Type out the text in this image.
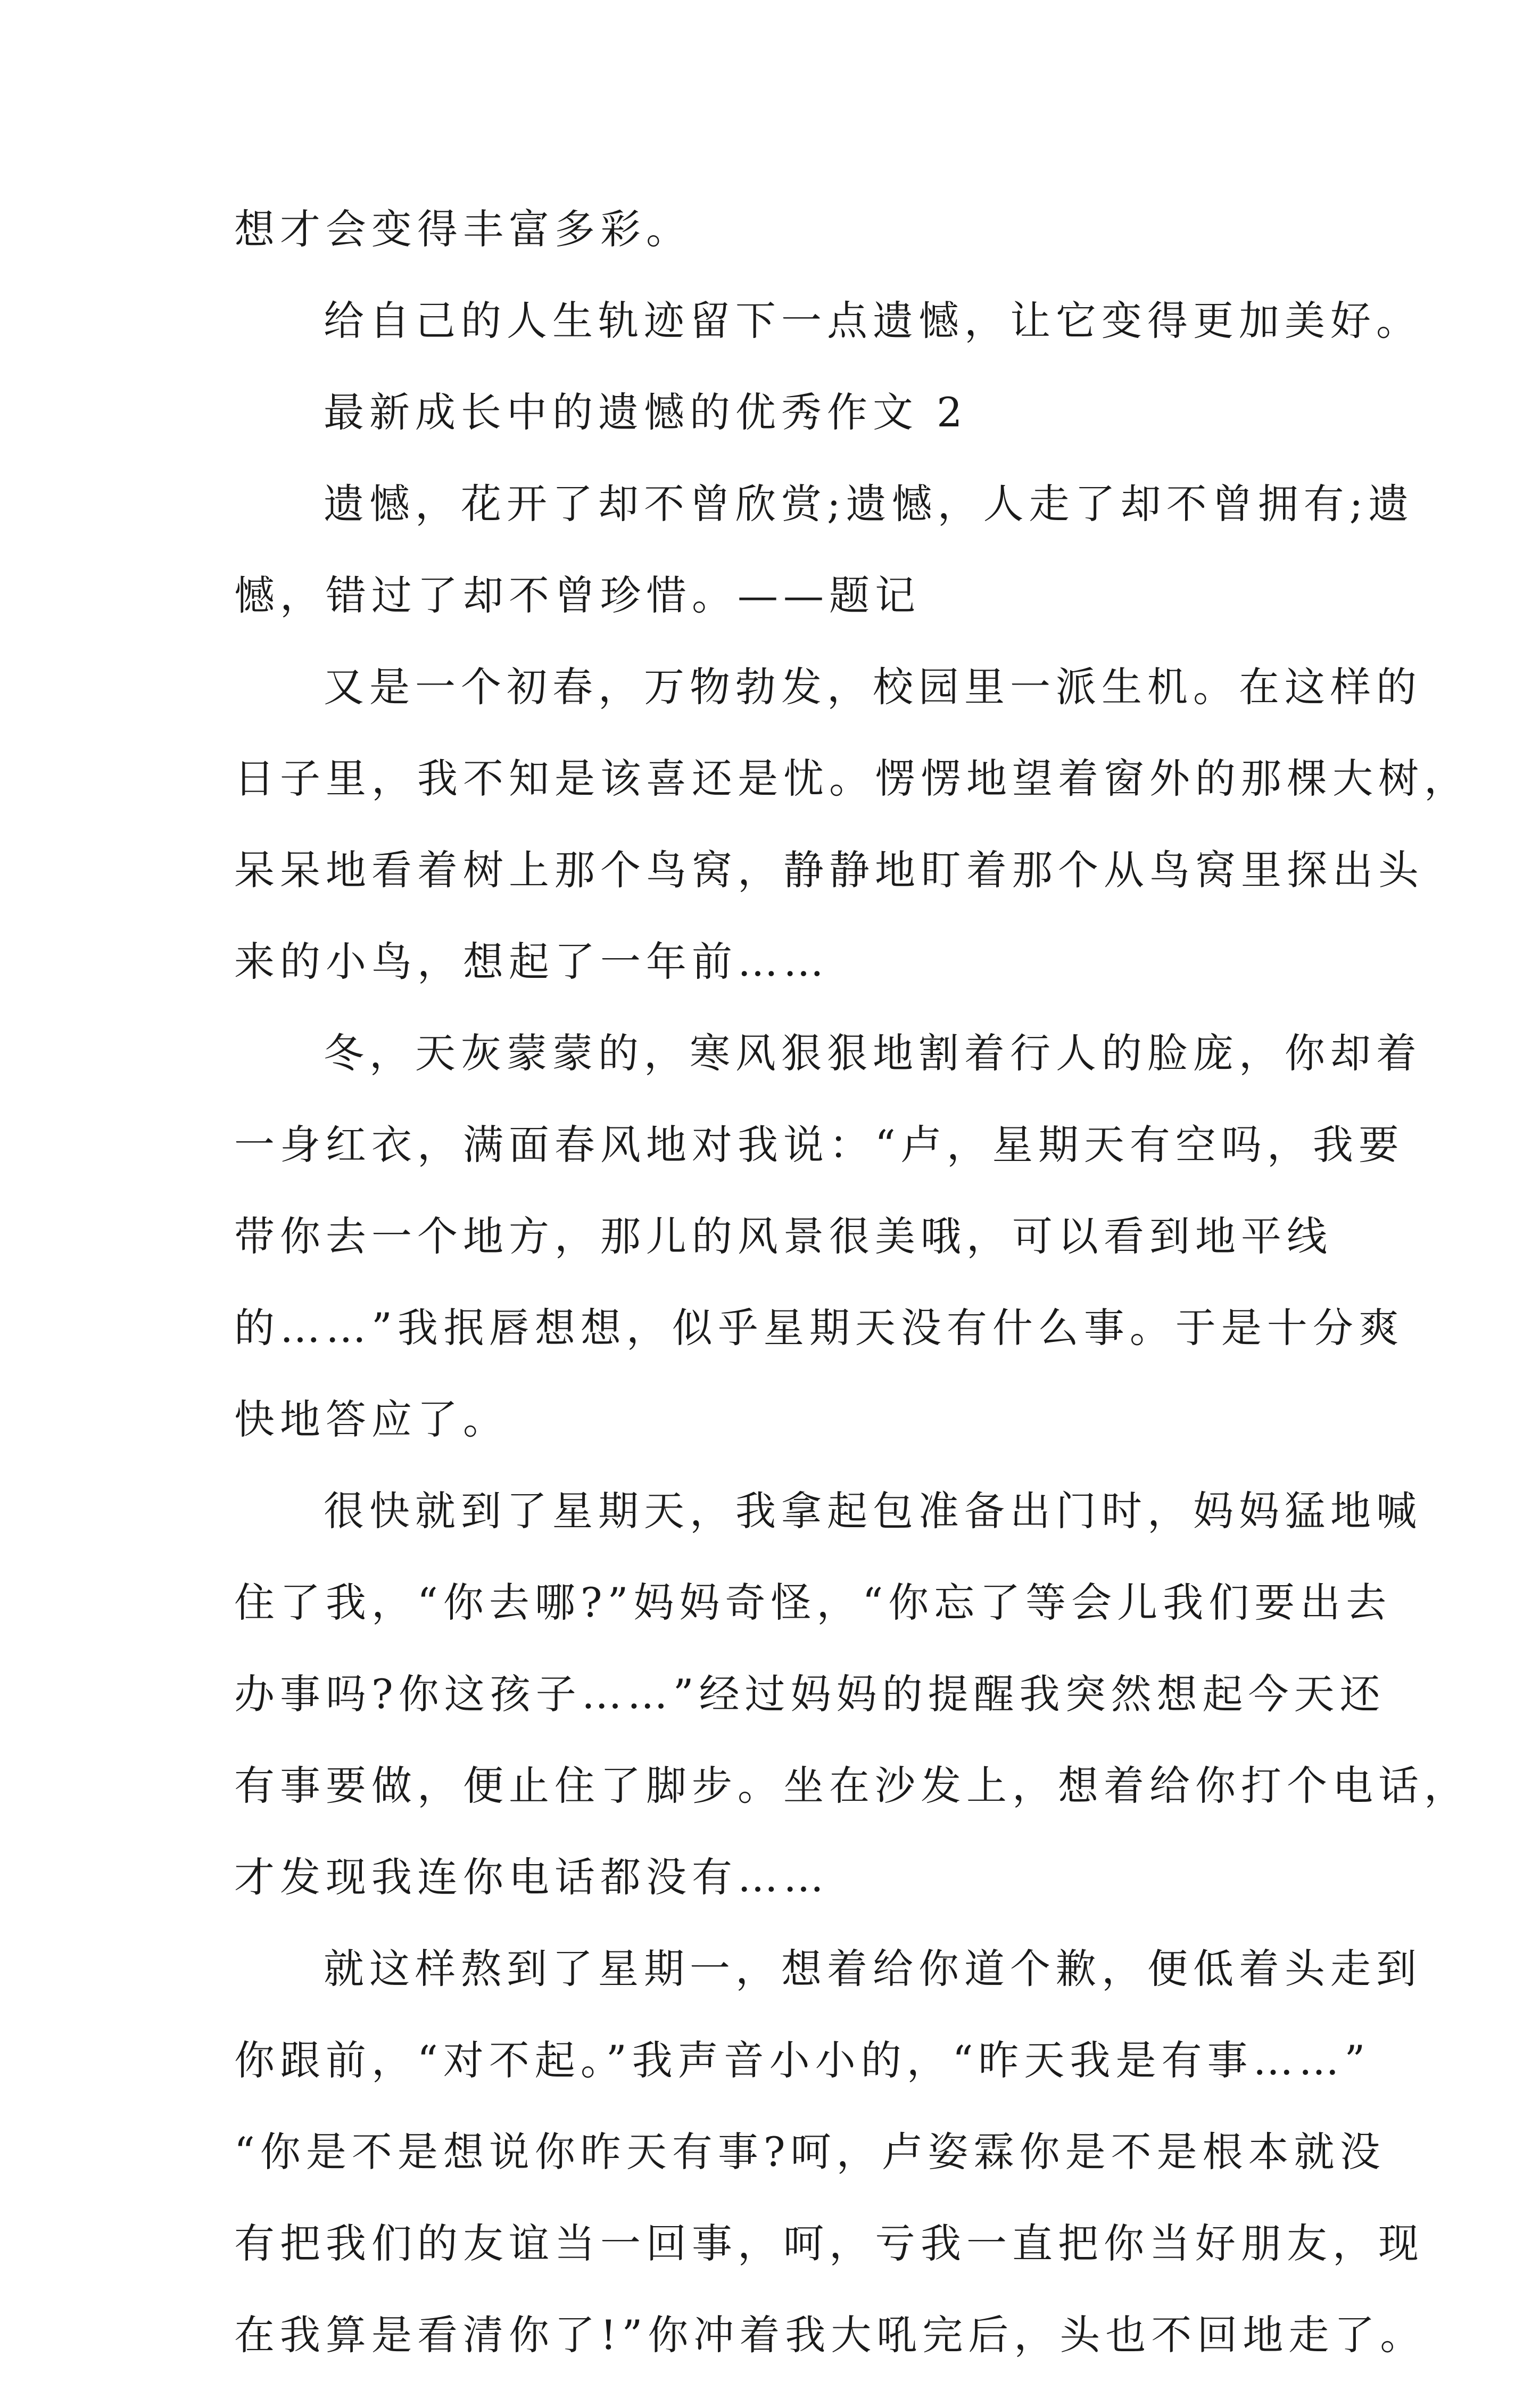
想才会变得丰富多彩。
给自己的人生轨迹留下一点遗憾，让它变得更加美好。
最新成长中的遗憾的优秀作文 2
遗憾，花开了却不曾欣赏;遗憾，人走了却不曾拥有;遗
憾，错过了却不曾珍惜。——题记
又是一个初春，万物勃发，校园里一派生机。在这样的
日子里，我不知是该喜还是忧。愣愣地望着窗外的那棵大树，
呆呆地看着树上那个鸟窝，静静地盯着那个从鸟窝里探出头
来的小鸟，想起了一年前……
冬，天灰蒙蒙的，寒风狠狠地割着行人的脸庞，你却着
一身红衣，满面春风地对我说：“卢，星期天有空吗，我要
带你去一个地方，那儿的风景很美哦，可以看到地平线
的……”我抿唇想想，似乎星期天没有什么事。于是十分爽
快地答应了。
很快就到了星期天，我拿起包准备出门时，妈妈猛地喊
住了我，“你去哪?”妈妈奇怪，“你忘了等会儿我们要出去
办事吗?你这孩子……”经过妈妈的提醒我突然想起今天还
有事要做，便止住了脚步。坐在沙发上，想着给你打个电话，
才发现我连你电话都没有……
就这样熬到了星期一，想着给你道个歉，便低着头走到
你跟前，“对不起。”我声音小小的，“昨天我是有事……”
“你是不是想说你昨天有事?呵，卢姿霖你是不是根本就没
有把我们的友谊当一回事，呵，亏我一直把你当好朋友，现
在我算是看清你了!”你冲着我大吼完后，头也不回地走了。
